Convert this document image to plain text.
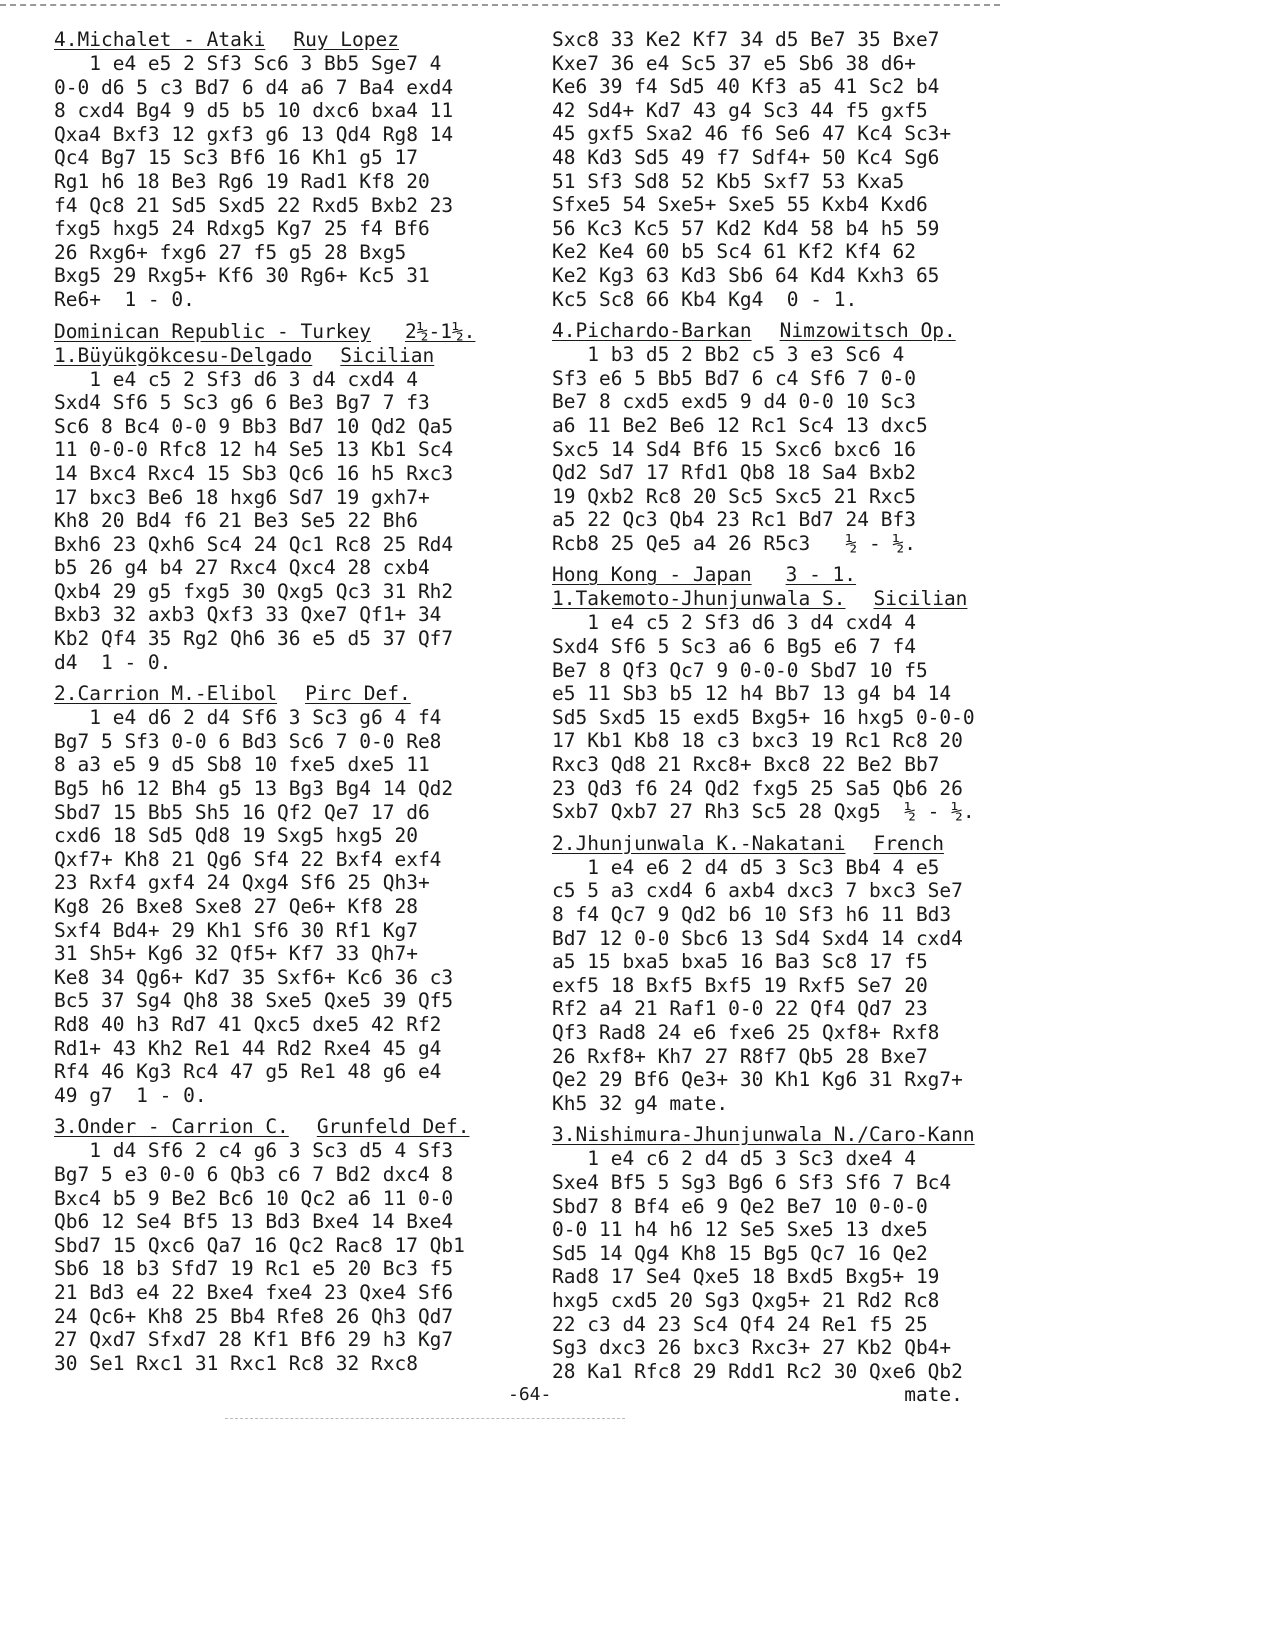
4.Michalet - Ataki Ruy Lopez
1 e4 e5 2 Sf3 Sc6 3 Bb5 Sge7 4
0-0 d6 5 c3 Bd7 6 d4 a6 7 Ba4 exd4
8 cxd4 Bg4 9 d5 b5 10 dxc6 bxa4 11
Qxa4 Bxf3 12 gxf3 g6 13 Qd4 Rg8 14
Qc4 Bg7 15 Sc3 Bf6 16 Kh1 g5 17
Rg1 h6 18 Be3 Rg6 19 Rad1 Kf8 20
f4 Qc8 21 Sd5 Sxd5 22 Rxd5 Bxb2 23
fxg5 hxg5 24 Rdxg5 Kg7 25 f4 Bf6
26 Rxg6+ fxg6 27 f5 g5 28 Bxg5
Bxg5 29 Rxg5+ Kf6 30 Rg6+ Kc5 31
Re6+  1 - 0.
Dominican Republic - Turkey 2½-1½.
1.Büyükgökcesu-Delgado Sicilian
1 e4 c5 2 Sf3 d6 3 d4 cxd4 4
Sxd4 Sf6 5 Sc3 g6 6 Be3 Bg7 7 f3
Sc6 8 Bc4 0-0 9 Bb3 Bd7 10 Qd2 Qa5
11 0-0-0 Rfc8 12 h4 Se5 13 Kb1 Sc4
14 Bxc4 Rxc4 15 Sb3 Qc6 16 h5 Rxc3
17 bxc3 Be6 18 hxg6 Sd7 19 gxh7+
Kh8 20 Bd4 f6 21 Be3 Se5 22 Bh6
Bxh6 23 Qxh6 Sc4 24 Qc1 Rc8 25 Rd4
b5 26 g4 b4 27 Rxc4 Qxc4 28 cxb4
Qxb4 29 g5 fxg5 30 Qxg5 Qc3 31 Rh2
Bxb3 32 axb3 Qxf3 33 Qxe7 Qf1+ 34
Kb2 Qf4 35 Rg2 Qh6 36 e5 d5 37 Qf7
d4  1 - 0.
2.Carrion M.-Elibol Pirc Def.
1 e4 d6 2 d4 Sf6 3 Sc3 g6 4 f4
Bg7 5 Sf3 0-0 6 Bd3 Sc6 7 0-0 Re8
8 a3 e5 9 d5 Sb8 10 fxe5 dxe5 11
Bg5 h6 12 Bh4 g5 13 Bg3 Bg4 14 Qd2
Sbd7 15 Bb5 Sh5 16 Qf2 Qe7 17 d6
cxd6 18 Sd5 Qd8 19 Sxg5 hxg5 20
Qxf7+ Kh8 21 Qg6 Sf4 22 Bxf4 exf4
23 Rxf4 gxf4 24 Qxg4 Sf6 25 Qh3+
Kg8 26 Bxe8 Sxe8 27 Qe6+ Kf8 28
Sxf4 Bd4+ 29 Kh1 Sf6 30 Rf1 Kg7
31 Sh5+ Kg6 32 Qf5+ Kf7 33 Qh7+
Ke8 34 Qg6+ Kd7 35 Sxf6+ Kc6 36 c3
Bc5 37 Sg4 Qh8 38 Sxe5 Qxe5 39 Qf5
Rd8 40 h3 Rd7 41 Qxc5 dxe5 42 Rf2
Rd1+ 43 Kh2 Re1 44 Rd2 Rxe4 45 g4
Rf4 46 Kg3 Rc4 47 g5 Re1 48 g6 e4
49 g7  1 - 0.
3.Onder - Carrion C. Grunfeld Def.
1 d4 Sf6 2 c4 g6 3 Sc3 d5 4 Sf3
Bg7 5 e3 0-0 6 Qb3 c6 7 Bd2 dxc4 8
Bxc4 b5 9 Be2 Bc6 10 Qc2 a6 11 0-0
Qb6 12 Se4 Bf5 13 Bd3 Bxe4 14 Bxe4
Sbd7 15 Qxc6 Qa7 16 Qc2 Rac8 17 Qb1
Sb6 18 b3 Sfd7 19 Rc1 e5 20 Bc3 f5
21 Bd3 e4 22 Bxe4 fxe4 23 Qxe4 Sf6
24 Qc6+ Kh8 25 Bb4 Rfe8 26 Qh3 Qd7
27 Qxd7 Sfxd7 28 Kf1 Bf6 29 h3 Kg7
30 Se1 Rxc1 31 Rxc1 Rc8 32 Rxc8
Sxc8 33 Ke2 Kf7 34 d5 Be7 35 Bxe7
Kxe7 36 e4 Sc5 37 e5 Sb6 38 d6+
Ke6 39 f4 Sd5 40 Kf3 a5 41 Sc2 b4
42 Sd4+ Kd7 43 g4 Sc3 44 f5 gxf5
45 gxf5 Sxa2 46 f6 Se6 47 Kc4 Sc3+
48 Kd3 Sd5 49 f7 Sdf4+ 50 Kc4 Sg6
51 Sf3 Sd8 52 Kb5 Sxf7 53 Kxa5
Sfxe5 54 Sxe5+ Sxe5 55 Kxb4 Kxd6
56 Kc3 Kc5 57 Kd2 Kd4 58 b4 h5 59
Ke2 Ke4 60 b5 Sc4 61 Kf2 Kf4 62
Ke2 Kg3 63 Kd3 Sb6 64 Kd4 Kxh3 65
Kc5 Sc8 66 Kb4 Kg4  0 - 1.
4.Pichardo-Barkan Nimzowitsch Op.
1 b3 d5 2 Bb2 c5 3 e3 Sc6 4
Sf3 e6 5 Bb5 Bd7 6 c4 Sf6 7 0-0
Be7 8 cxd5 exd5 9 d4 0-0 10 Sc3
a6 11 Be2 Be6 12 Rc1 Sc4 13 dxc5
Sxc5 14 Sd4 Bf6 15 Sxc6 bxc6 16
Qd2 Sd7 17 Rfd1 Qb8 18 Sa4 Bxb2
19 Qxb2 Rc8 20 Sc5 Sxc5 21 Rxc5
a5 22 Qc3 Qb4 23 Rc1 Bd7 24 Bf3
Rcb8 25 Qe5 a4 26 R5c3   ½ - ½.
Hong Kong - Japan 3 - 1.
1.Takemoto-Jhunjunwala S. Sicilian
1 e4 c5 2 Sf3 d6 3 d4 cxd4 4
Sxd4 Sf6 5 Sc3 a6 6 Bg5 e6 7 f4
Be7 8 Qf3 Qc7 9 0-0-0 Sbd7 10 f5
e5 11 Sb3 b5 12 h4 Bb7 13 g4 b4 14
Sd5 Sxd5 15 exd5 Bxg5+ 16 hxg5 0-0-0
17 Kb1 Kb8 18 c3 bxc3 19 Rc1 Rc8 20
Rxc3 Qd8 21 Rxc8+ Bxc8 22 Be2 Bb7
23 Qd3 f6 24 Qd2 fxg5 25 Sa5 Qb6 26
Sxb7 Qxb7 27 Rh3 Sc5 28 Qxg5  ½ - ½.
2.Jhunjunwala K.-Nakatani French
1 e4 e6 2 d4 d5 3 Sc3 Bb4 4 e5
c5 5 a3 cxd4 6 axb4 dxc3 7 bxc3 Se7
8 f4 Qc7 9 Qd2 b6 10 Sf3 h6 11 Bd3
Bd7 12 0-0 Sbc6 13 Sd4 Sxd4 14 cxd4
a5 15 bxa5 bxa5 16 Ba3 Sc8 17 f5
exf5 18 Bxf5 Bxf5 19 Rxf5 Se7 20
Rf2 a4 21 Raf1 0-0 22 Qf4 Qd7 23
Qf3 Rad8 24 e6 fxe6 25 Qxf8+ Rxf8
26 Rxf8+ Kh7 27 R8f7 Qb5 28 Bxe7
Qe2 29 Bf6 Qe3+ 30 Kh1 Kg6 31 Rxg7+
Kh5 32 g4 mate.
3.Nishimura-Jhunjunwala N./Caro-Kann
1 e4 c6 2 d4 d5 3 Sc3 dxe4 4
Sxe4 Bf5 5 Sg3 Bg6 6 Sf3 Sf6 7 Bc4
Sbd7 8 Bf4 e6 9 Qe2 Be7 10 0-0-0
0-0 11 h4 h6 12 Se5 Sxe5 13 dxe5
Sd5 14 Qg4 Kh8 15 Bg5 Qc7 16 Qe2
Rad8 17 Se4 Qxe5 18 Bxd5 Bxg5+ 19
hxg5 cxd5 20 Sg3 Qxg5+ 21 Rd2 Rc8
22 c3 d4 23 Sc4 Qf4 24 Re1 f5 25
Sg3 dxc3 26 bxc3 Rxc3+ 27 Kb2 Qb4+
28 Ka1 Rfc8 29 Rdd1 Rc2 30 Qxe6 Qb2
mate.
-64-
